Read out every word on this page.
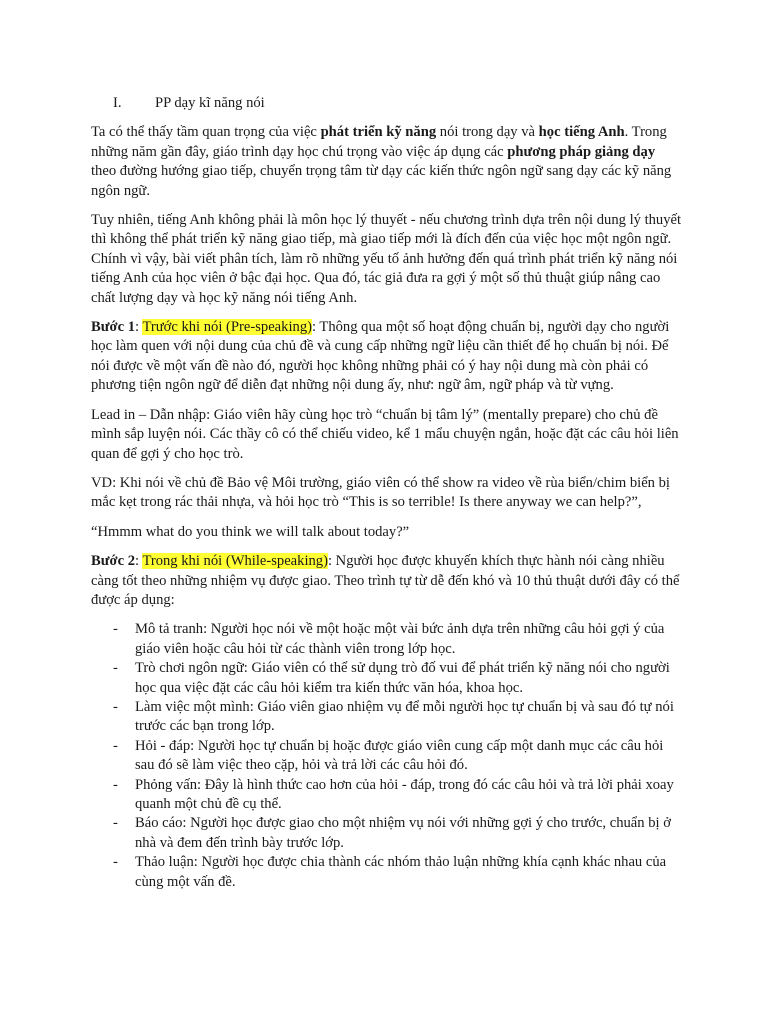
I.	PP dạy kĩ năng nói

Ta có thể thấy tầm quan trọng của việc phát triển kỹ năng nói trong dạy và học tiếng Anh. Trong những năm gần đây, giáo trình dạy học chú trọng vào việc áp dụng các phương pháp giảng dạy theo đường hướng giao tiếp, chuyển trọng tâm từ dạy các kiến thức ngôn ngữ sang dạy các kỹ năng ngôn ngữ.

Tuy nhiên, tiếng Anh không phải là môn học lý thuyết - nếu chương trình dựa trên nội dung lý thuyết thì không thể phát triển kỹ năng giao tiếp, mà giao tiếp mới là đích đến của việc học một ngôn ngữ. Chính vì vậy, bài viết phân tích, làm rõ những yếu tố ảnh hưởng đến quá trình phát triển kỹ năng nói tiếng Anh của học viên ở bậc đại học. Qua đó, tác giả đưa ra gợi ý một số thủ thuật giúp nâng cao chất lượng dạy và học kỹ năng nói tiếng Anh.

Bước 1: Trước khi nói (Pre-speaking): Thông qua một số hoạt động chuẩn bị, người dạy cho người học làm quen với nội dung của chủ đề và cung cấp những ngữ liệu cần thiết để họ chuẩn bị nói. Để nói được về một vấn đề nào đó, người học không những phải có ý hay nội dung mà còn phải có phương tiện ngôn ngữ để diễn đạt những nội dung ấy, như: ngữ âm, ngữ pháp và từ vựng.

Lead in – Dẫn nhập: Giáo viên hãy cùng học trò “chuẩn bị tâm lý” (mentally prepare) cho chủ đề mình sắp luyện nói. Các thầy cô có thể chiếu video, kể 1 mẩu chuyện ngắn, hoặc đặt các câu hỏi liên quan để gợi ý cho học trò.

VD: Khi nói về chủ đề Bảo vệ Môi trường, giáo viên có thể show ra video về rùa biển/chim biển bị mắc kẹt trong rác thải nhựa, và hỏi học trò “This is so terrible! Is there anyway we can help?”,

“Hmmm what do you think we will talk about today?”

Bước 2: Trong khi nói (While-speaking): Người học được khuyến khích thực hành nói càng nhiều càng tốt theo những nhiệm vụ được giao. Theo trình tự từ dễ đến khó và 10 thủ thuật dưới đây có thể được áp dụng:

- Mô tả tranh: Người học nói về một hoặc một vài bức ảnh dựa trên những câu hỏi gợi ý của giáo viên hoặc câu hỏi từ các thành viên trong lớp học.
- Trò chơi ngôn ngữ: Giáo viên có thể sử dụng trò đố vui để phát triển kỹ năng nói cho người học qua việc đặt các câu hỏi kiểm tra kiến thức văn hóa, khoa học.
- Làm việc một mình: Giáo viên giao nhiệm vụ để mỗi người học tự chuẩn bị và sau đó tự nói trước các bạn trong lớp.
- Hỏi - đáp: Người học tự chuẩn bị hoặc được giáo viên cung cấp một danh mục các câu hỏi sau đó sẽ làm việc theo cặp, hỏi và trả lời các câu hỏi đó.
- Phỏng vấn: Đây là hình thức cao hơn của hỏi - đáp, trong đó các câu hỏi và trả lời phải xoay quanh một chủ đề cụ thể.
- Báo cáo: Người học được giao cho một nhiệm vụ nói với những gợi ý cho trước, chuẩn bị ở nhà và đem đến trình bày trước lớp.
- Thảo luận: Người học được chia thành các nhóm thảo luận những khía cạnh khác nhau của cùng một vấn đề.
